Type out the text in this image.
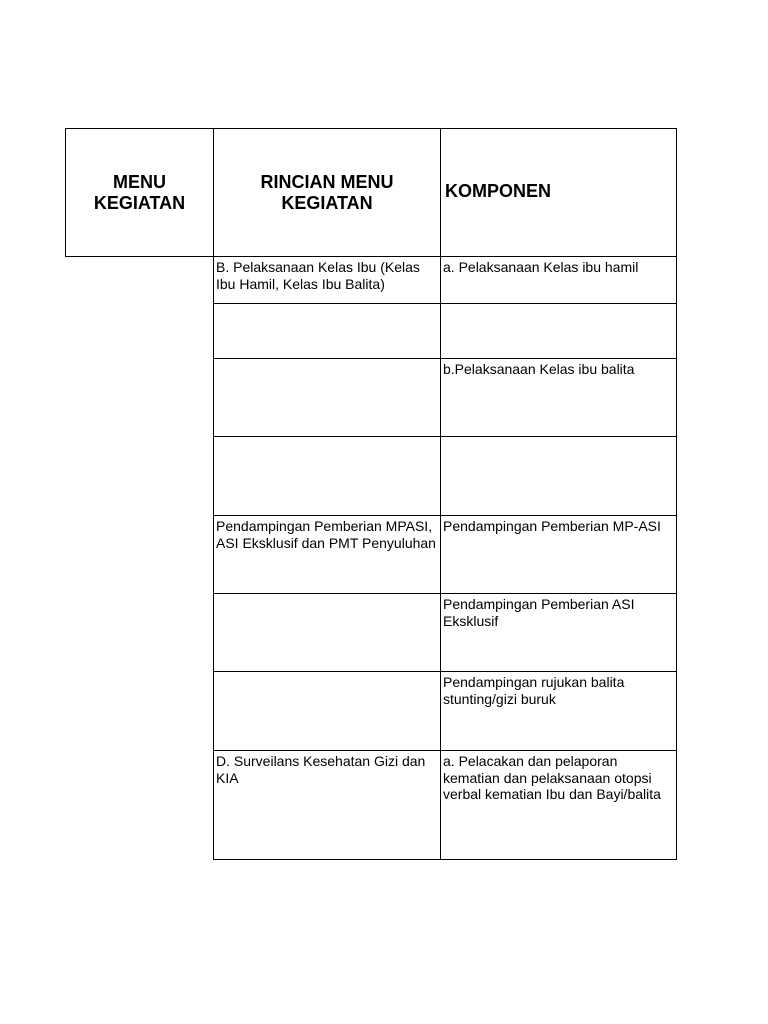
MENU
KEGIATAN
RINCIAN MENU
KEGIATAN
KOMPONEN
B. Pelaksanaan Kelas Ibu (Kelas Ibu Hamil, Kelas Ibu Balita)
a. Pelaksanaan Kelas ibu hamil
b.Pelaksanaan Kelas ibu balita
Pendampingan Pemberian MPASI, ASI Eksklusif dan PMT Penyuluhan
Pendampingan Pemberian MP-ASI
Pendampingan Pemberian ASI Eksklusif
Pendampingan rujukan balita stunting/gizi buruk
D. Surveilans Kesehatan Gizi dan KIA
a. Pelacakan dan pelaporan kematian dan pelaksanaan otopsi verbal kematian Ibu dan Bayi/balita
